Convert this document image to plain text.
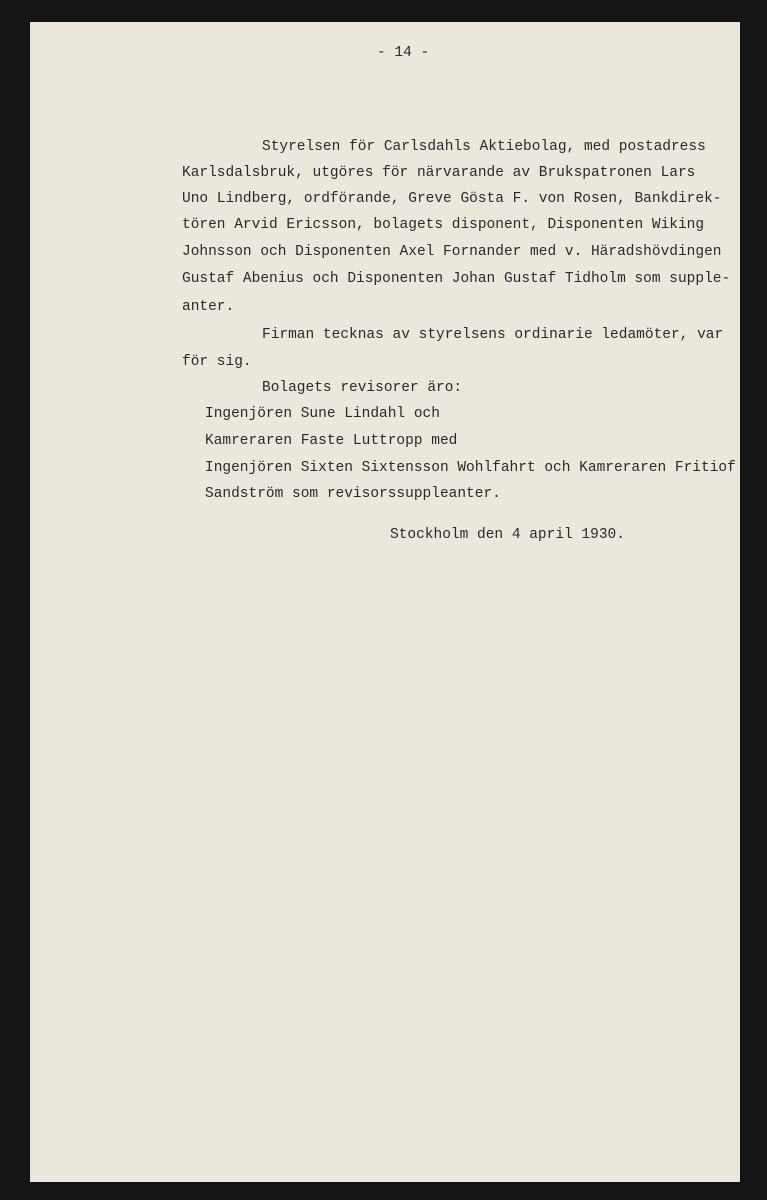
- 14 -
Styrelsen för Carlsdahls Aktiebolag, med postadress
Karlsdalsbruk, utgöres för närvarande av Brukspatronen Lars
Uno Lindberg, ordförande, Greve Gösta F. von Rosen, Bankdirek-
tören Arvid Ericsson, bolagets disponent, Disponenten Wiking
Johnsson och Disponenten Axel Fornander med v. Häradshövdingen
Gustaf Abenius och Disponenten Johan Gustaf Tidholm som supple-
anter.
Firman tecknas av styrelsens ordinarie ledamöter, var
för sig.
Bolagets revisorer äro:
Ingenjören Sune Lindahl och
Kamreraren Faste Luttropp med
Ingenjören Sixten Sixtensson Wohlfahrt och Kamreraren Fritiof
Sandström som revisorssuppleanter.
Stockholm den 4 april 1930.
